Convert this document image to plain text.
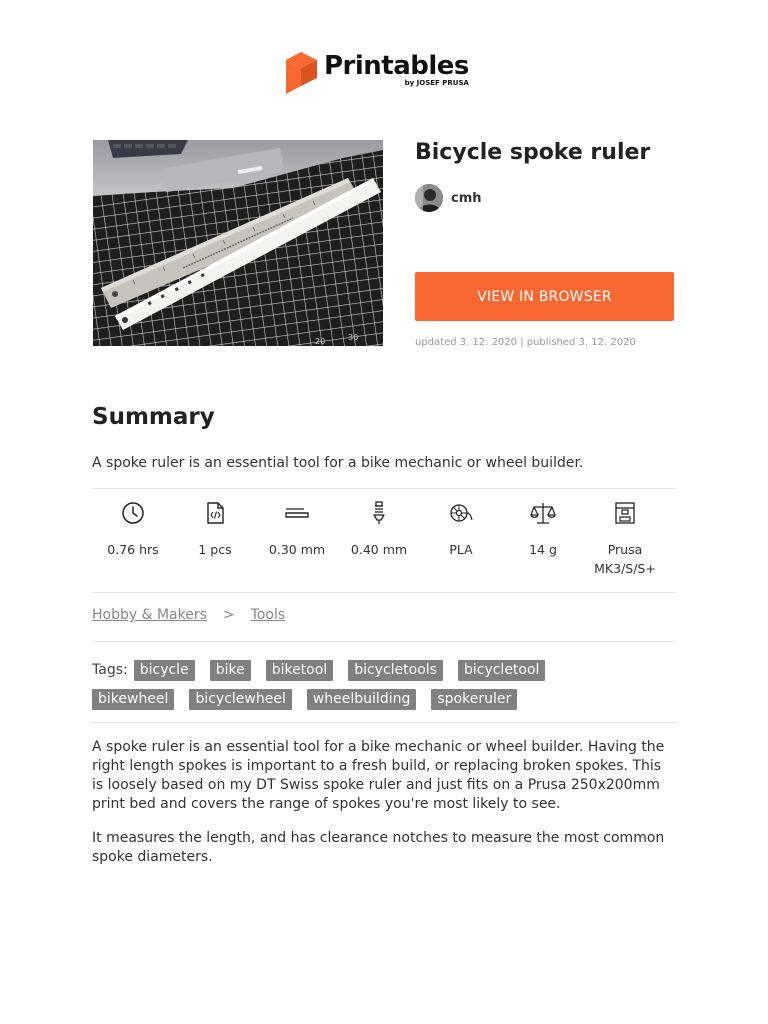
Printables
by JOSEF PRUSA
20	30
Bicycle spoke ruler
cmh
VIEW IN BROWSER
updated 3. 12. 2020 | published 3. 12. 2020
Summary
A spoke ruler is an essential tool for a bike mechanic or wheel builder.
0.76 hrs	1 pcs	0.30 mm 0.40 mm	PLA	14 g	Prusa MK3/S/S+
Hobby & Makers > Tools
Tags: bicycle bike biketool bicycletools bicycletool
bikewheel bicyclewheel wheelbuilding spokeruler

A spoke ruler is an essential tool for a bike mechanic or wheel builder. Having the right length spokes is important to a fresh build, or replacing broken spokes. This is loosely based on my DT Swiss spoke ruler and just fits on a Prusa 250x200mm print bed and covers the range of spokes you're most likely to see.

It measures the length, and has clearance notches to measure the most common spoke diameters.
